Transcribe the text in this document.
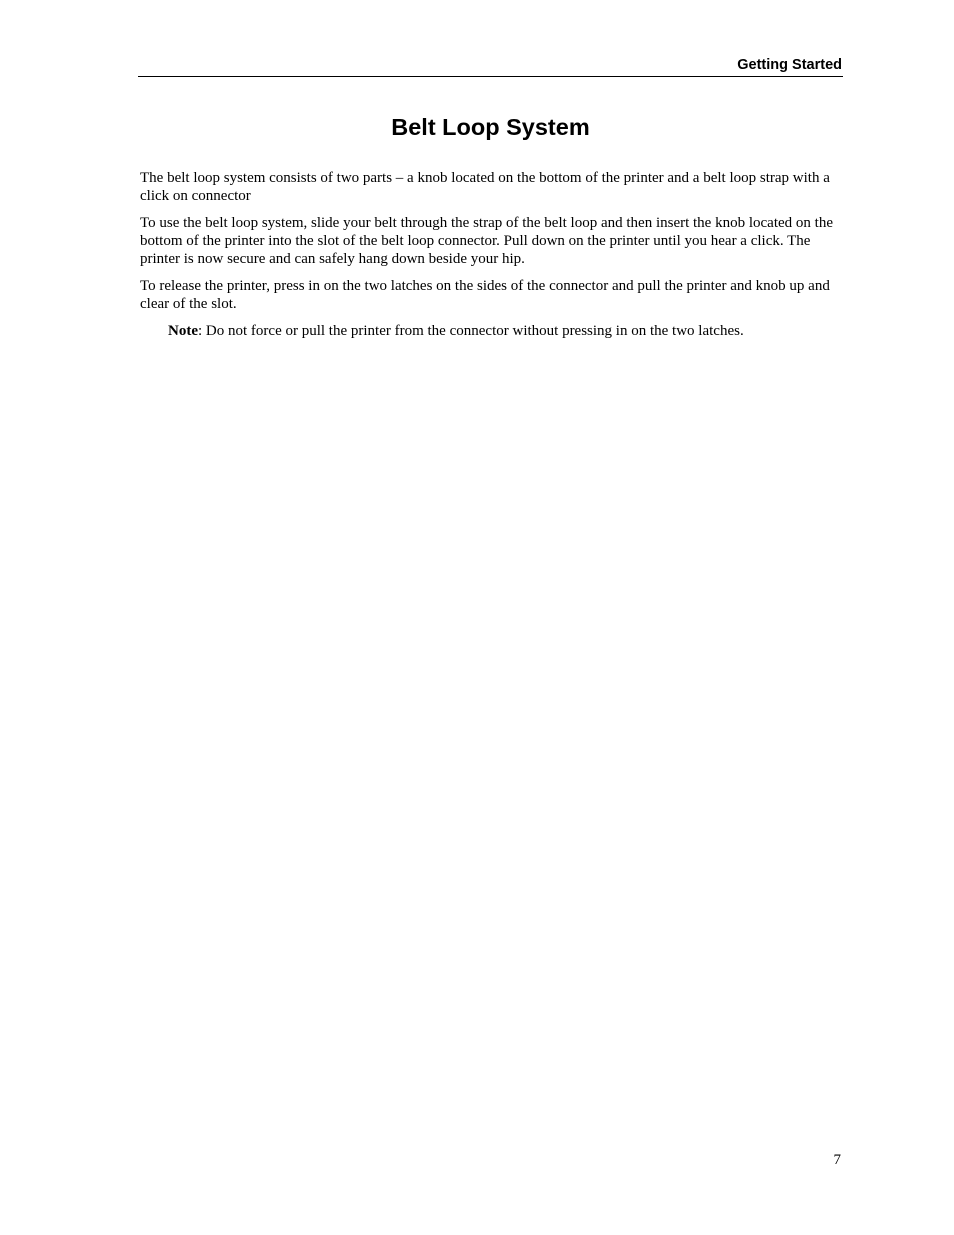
Getting Started
Belt Loop System

The belt loop system consists of two parts – a knob located on the bottom of the printer and a belt loop strap with a click on connector

To use the belt loop system, slide your belt through the strap of the belt loop and then insert the knob located on the bottom of the printer into the slot of the belt loop connector. Pull down on the printer until you hear a click. The printer is now secure and can safely hang down beside your hip.

To release the printer, press in on the two latches on the sides of the connector and pull the printer and knob up and clear of the slot.

Note: Do not force or pull the printer from the connector without pressing in on the two latches.

7
